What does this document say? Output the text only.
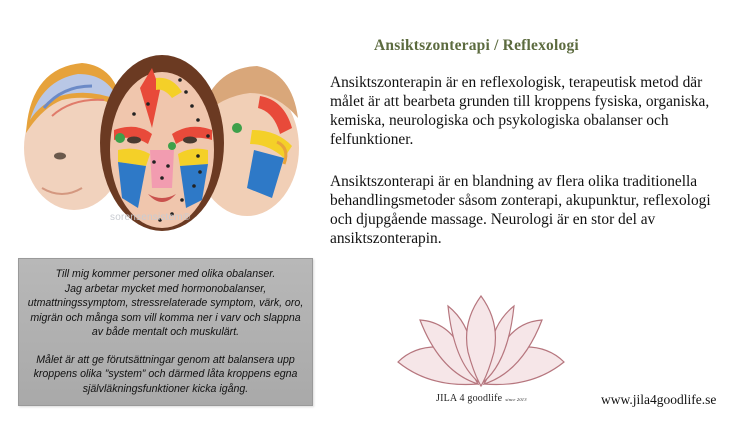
sorensensistem®
Ansiktszonterapi / Reflexologi
Ansiktszonterapin är en reflexologisk, terapeutisk metod där målet är att bearbeta grunden till kroppens fysiska, organiska, kemiska, neurologiska och psykologiska obalanser och felfunktioner.
Ansiktszonterapi är en blandning av flera olika traditionella behandlingsmetoder såsom zonterapi, akupunktur, reflexologi och djupgående massage. Neurologi är en stor del av ansiktszonterapin.

Till mig kommer personer med olika obalanser.
Jag arbetar mycket med hormonobalanser, utmattningssymptom, stressrelaterade symptom, värk, oro, migrän och många som vill komma ner i varv och slappna av både mentalt och muskulärt.

Målet är att ge förutsättningar genom att balansera upp kroppens olika ”system” och därmed låta kroppens egna självläkningsfunktioner kicka igång.

JILA 4 goodlife since 2013	www.jila4goodlife.se
